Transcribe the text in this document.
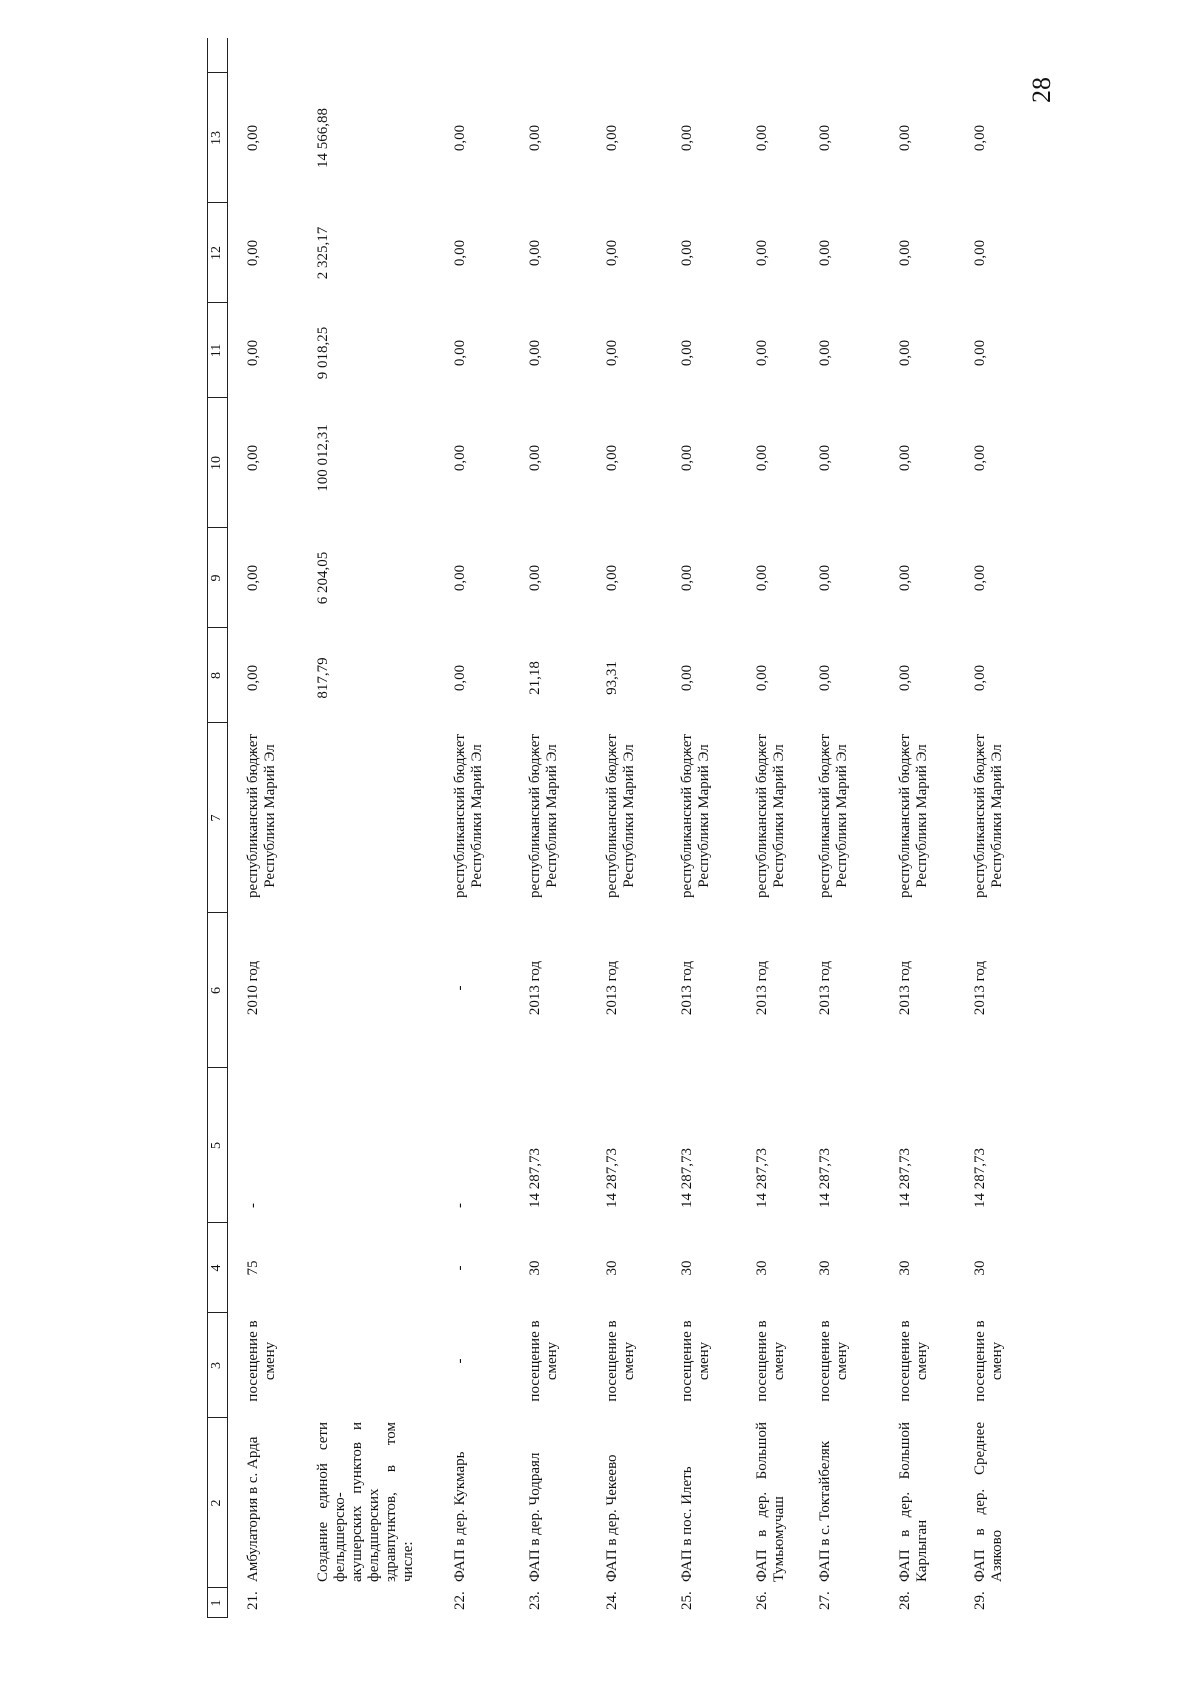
28
1
2
3
4
5
6
7
8
9
10
11
12
13
21.
Амбулатория в с. Арда
посещение в смену
75
-
2010 год
республиканский бюджет Республики Марий Эл
0,00
0,00
0,00
0,00
0,00
0,00
Создание единой сети фельдшерско-акушерских пунктов и фельдшерских здравпунктов, в том числе:
817,79
6 204,05
100 012,31
9 018,25
2 325,17
14 566,88
22.
ФАП в дер. Кукмарь
-
-
-
-
республиканский бюджет Республики Марий Эл
0,00
0,00
0,00
0,00
0,00
0,00
23.
ФАП в дер. Чодраял
посещение в смену
30
14 287,73
2013 год
республиканский бюджет Республики Марий Эл
21,18
0,00
0,00
0,00
0,00
0,00
24.
ФАП в дер. Чекеево
посещение в смену
30
14 287,73
2013 год
республиканский бюджет Республики Марий Эл
93,31
0,00
0,00
0,00
0,00
0,00
25.
ФАП в пос. Илеть
посещение в смену
30
14 287,73
2013 год
республиканский бюджет Республики Марий Эл
0,00
0,00
0,00
0,00
0,00
0,00
26.
ФАП в дер. Большой Тумьюмучаш
посещение в смену
30
14 287,73
2013 год
республиканский бюджет Республики Марий Эл
0,00
0,00
0,00
0,00
0,00
0,00
27.
ФАП в с. Токтайбеляк
посещение в смену
30
14 287,73
2013 год
республиканский бюджет Республики Марий Эл
0,00
0,00
0,00
0,00
0,00
0,00
28.
ФАП в дер. Большой Карлыган
посещение в смену
30
14 287,73
2013 год
республиканский бюджет Республики Марий Эл
0,00
0,00
0,00
0,00
0,00
0,00
29.
ФАП в дер. Среднее Азяково
посещение в смену
30
14 287,73
2013 год
республиканский бюджет Республики Марий Эл
0,00
0,00
0,00
0,00
0,00
0,00
